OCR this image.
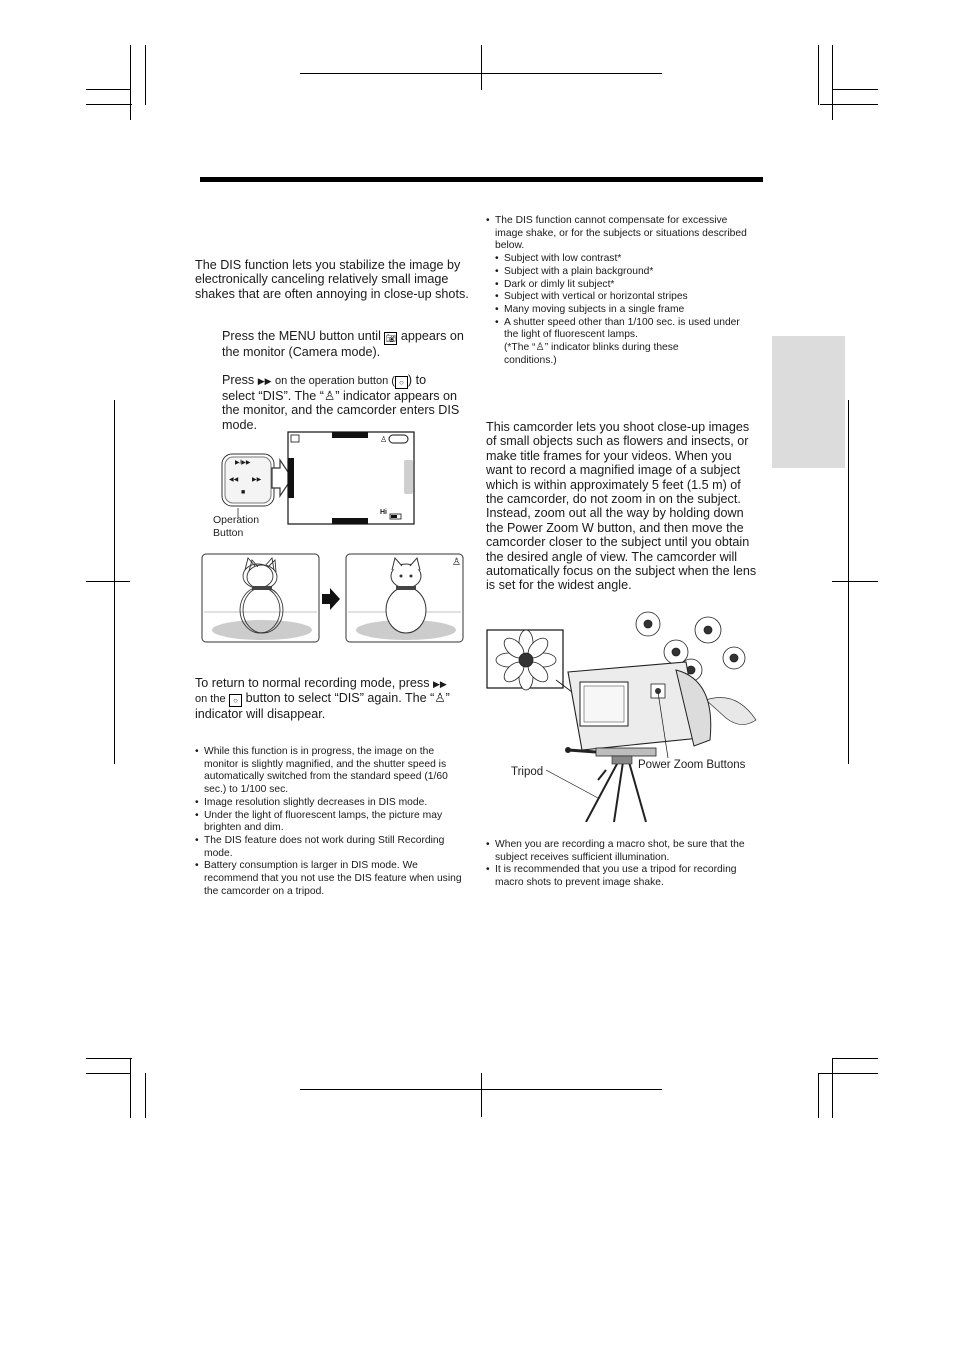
The DIS function lets you stabilize the image by electronically canceling relatively small image shakes that are often annoying in close-up shots.
Press the MENU button until 📷︎ appears on the monitor (Camera mode).
Press ▶▶ on the operation button ( ○ ) to
select “DIS”. The “♙” indicator appears on
the monitor, and the camcorder enters DIS
mode.
♙
▶/▶▶
◀◀ ▶▶
■
Hi
Operation Button
♙
To return to normal recording mode, press ▶▶
on the ○ button to select “DIS” again. The “♙”
indicator will disappear.
• While this function is in progress, the image on the monitor is slightly magnified, and the shutter speed is automatically switched from the standard speed (1/60 sec.) to 1/100 sec.
• Image resolution slightly decreases in DIS mode.
• Under the light of fluorescent lamps, the picture may brighten and dim.
• The DIS feature does not work during Still Recording mode.
• Battery consumption is larger in DIS mode. We recommend that you not use the DIS feature when using the camcorder on a tripod.
• The DIS function cannot compensate for excessive image shake, or for the subjects or situations described below.
• Subject with low contrast*
• Subject with a plain background*
• Dark or dimly lit subject*
• Subject with vertical or horizontal stripes
• Many moving subjects in a single frame
• A shutter speed other than 1/100 sec. is used under the light of fluorescent lamps.
(*The “♙” indicator blinks during these
conditions.)
This camcorder lets you shoot close-up images of small objects such as flowers and insects, or make title frames for your videos. When you want to record a magnified image of a subject which is within approximately 5 feet (1.5 m) of the camcorder, do not zoom in on the subject. Instead, zoom out all the way by holding down the Power Zoom W button, and then move the camcorder closer to the subject until you obtain the desired angle of view. The camcorder will automatically focus on the subject when the lens is set for the widest angle.
Tripod
Power Zoom Buttons
• When you are recording a macro shot, be sure that the subject receives sufficient illumination.
• It is recommended that you use a tripod for recording macro shots to prevent image shake.
